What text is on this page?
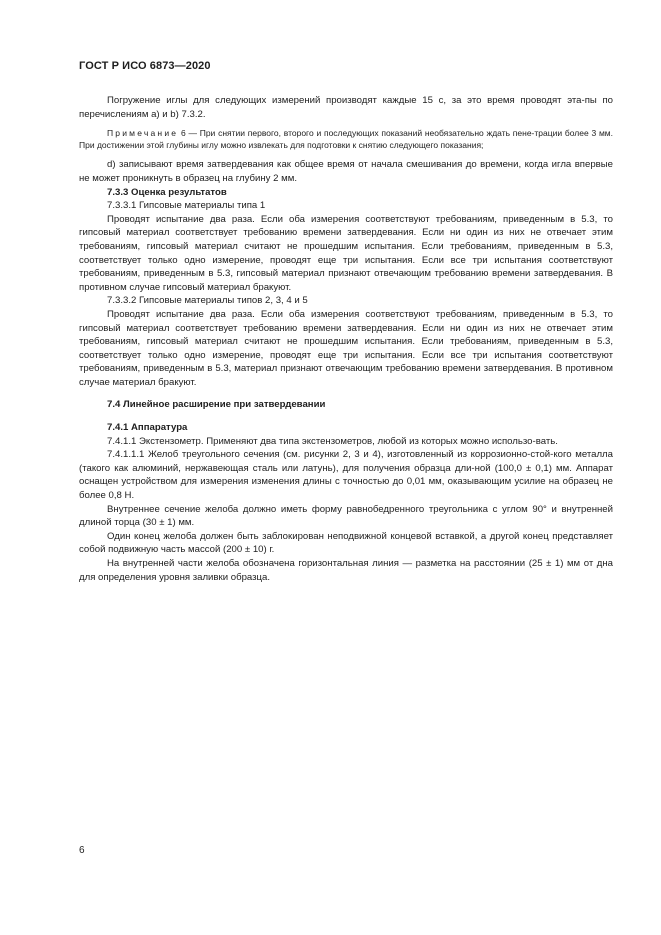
ГОСТ Р ИСО 6873—2020

Погружение иглы для следующих измерений производят каждые 15 с, за это время проводят эта-пы по перечислениям а) и b) 7.3.2.

Примечание 6 — При снятии первого, второго и последующих показаний необязательно ждать пене-трации более 3 мм. При достижении этой глубины иглу можно извлекать для подготовки к снятию следующего показания;

d) записывают время затвердевания как общее время от начала смешивания до времени, когда игла впервые не может проникнуть в образец на глубину 2 мм.

7.3.3 Оценка результатов

7.3.3.1 Гипсовые материалы типа 1

Проводят испытание два раза. Если оба измерения соответствуют требованиям, приведенным в 5.3, то гипсовый материал соответствует требованию времени затвердевания. Если ни один из них не отвечает этим требованиям, гипсовый материал считают не прошедшим испытания. Если требованиям, приведенным в 5.3, соответствует только одно измерение, проводят еще три испытания. Если все три испытания соответствуют требованиям, приведенным в 5.3, гипсовый материал признают отвечающим требованию времени затвердевания. В противном случае гипсовый материал бракуют.

7.3.3.2 Гипсовые материалы типов 2, 3, 4 и 5

Проводят испытание два раза. Если оба измерения соответствуют требованиям, приведенным в 5.3, то гипсовый материал соответствует требованию времени затвердевания. Если ни один из них не отвечает этим требованиям, гипсовый материал считают не прошедшим испытания. Если требованиям, приведенным в 5.3, соответствует только одно измерение, проводят еще три испытания. Если все три испытания соответствуют требованиям, приведенным в 5.3, материал признают отвечающим требованию времени затвердевания. В противном случае материал бракуют.

7.4 Линейное расширение при затвердевании

7.4.1 Аппаратура

7.4.1.1 Экстензометр. Применяют два типа экстензометров, любой из которых можно использо-вать.

7.4.1.1.1 Желоб треугольного сечения (см. рисунки 2, 3 и 4), изготовленный из коррозионно-стой-кого металла (такого как алюминий, нержавеющая сталь или латунь), для получения образца дли-ной (100,0 ± 0,1) мм. Аппарат оснащен устройством для измерения изменения длины с точностью до 0,01 мм, оказывающим усилие на образец не более 0,8 Н.

Внутреннее сечение желоба должно иметь форму равнобедренного треугольника с углом 90° и внутренней длиной торца (30 ± 1) мм.

Один конец желоба должен быть заблокирован неподвижной концевой вставкой, а другой конец представляет собой подвижную часть массой (200 ± 10) г.

На внутренней части желоба обозначена горизонтальная линия — разметка на расстоянии (25 ± 1) мм от дна для определения уровня заливки образца.

6
